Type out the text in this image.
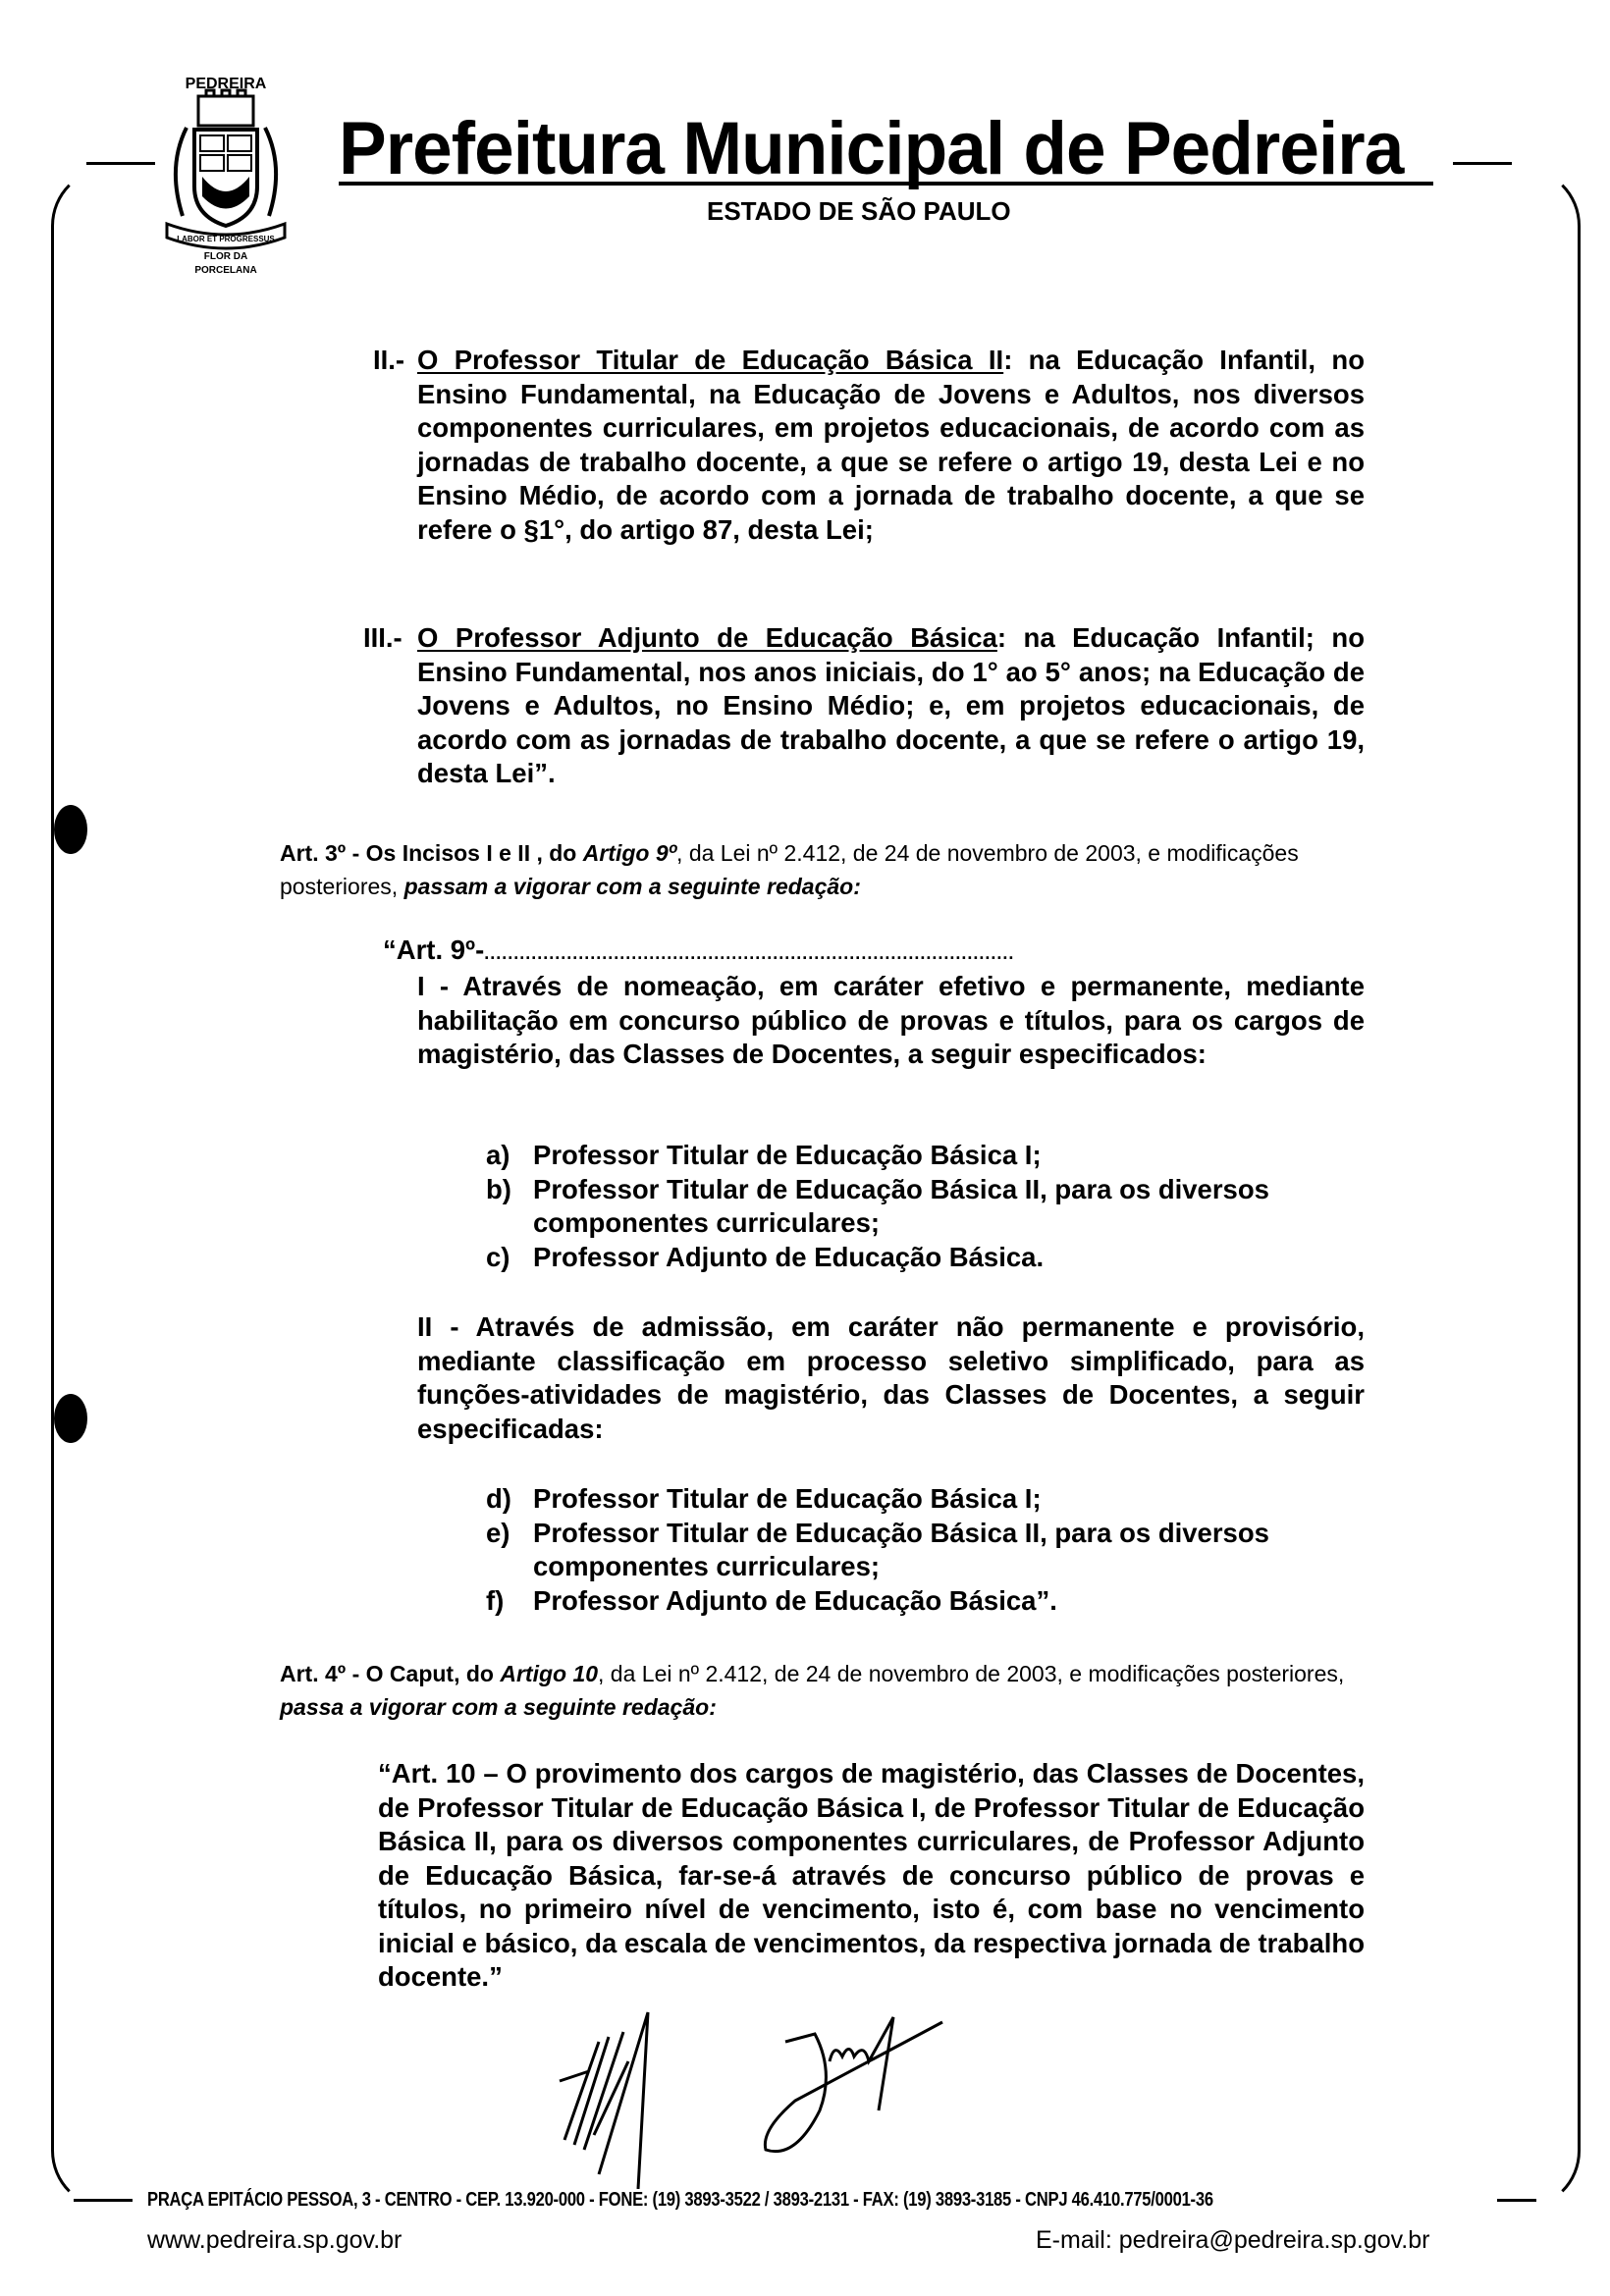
PEDREIRA
LABOR ET PROGRESSUS
FLOR DA
PORCELANA
Prefeitura Municipal de Pedreira
ESTADO DE SÃO PAULO
II.- O Professor Titular de Educação Básica II: na Educação Infantil, no Ensino Fundamental, na Educação de Jovens e Adultos, nos diversos componentes curriculares, em projetos educacionais, de acordo com as jornadas de trabalho docente, a que se refere o artigo 19, desta Lei e no Ensino Médio, de acordo com a jornada de trabalho docente, a que se refere o §1°, do artigo 87, desta Lei;
III.- O Professor Adjunto de Educação Básica: na Educação Infantil; no Ensino Fundamental, nos anos iniciais, do 1° ao 5° anos; na Educação de Jovens e Adultos, no Ensino Médio; e, em projetos educacionais, de acordo com as jornadas de trabalho docente, a que se refere o artigo 19, desta Lei”.
Art. 3º - Os Incisos I e II , do Artigo 9º, da Lei nº 2.412, de 24 de novembro de 2003, e modificações posteriores, passam a vigorar com a seguinte redação:
“Art. 9º-..........................................................................................
I - Através de nomeação, em caráter efetivo e permanente, mediante habilitação em concurso público de provas e títulos, para os cargos de magistério, das Classes de Docentes, a seguir especificados:
a) Professor Titular de Educação Básica I;
b) Professor Titular de Educação Básica II, para os diversos componentes curriculares;
c) Professor Adjunto de Educação Básica.
II - Através de admissão, em caráter não permanente e provisório, mediante classificação em processo seletivo simplificado, para as funções-atividades de magistério, das Classes de Docentes, a seguir especificadas:
d) Professor Titular de Educação Básica I;
e) Professor Titular de Educação Básica II, para os diversos componentes curriculares;
f) Professor Adjunto de Educação Básica”.
Art. 4º - O Caput, do Artigo 10, da Lei nº 2.412, de 24 de novembro de 2003, e modificações posteriores, passa a vigorar com a seguinte redação:
“Art. 10 – O provimento dos cargos de magistério, das Classes de Docentes, de Professor Titular de Educação Básica I, de Professor Titular de Educação Básica II, para os diversos componentes curriculares, de Professor Adjunto de Educação Básica, far-se-á através de concurso público de provas e títulos, no primeiro nível de vencimento, isto é, com base no vencimento inicial e básico, da escala de vencimentos, da respectiva jornada de trabalho docente.”
PRAÇA EPITÁCIO PESSOA, 3 - CENTRO - CEP. 13.920-000 - FONE: (19) 3893-3522 / 3893-2131 - FAX: (19) 3893-3185 - CNPJ 46.410.775/0001-36
www.pedreira.sp.gov.br	E-mail: pedreira@pedreira.sp.gov.br
